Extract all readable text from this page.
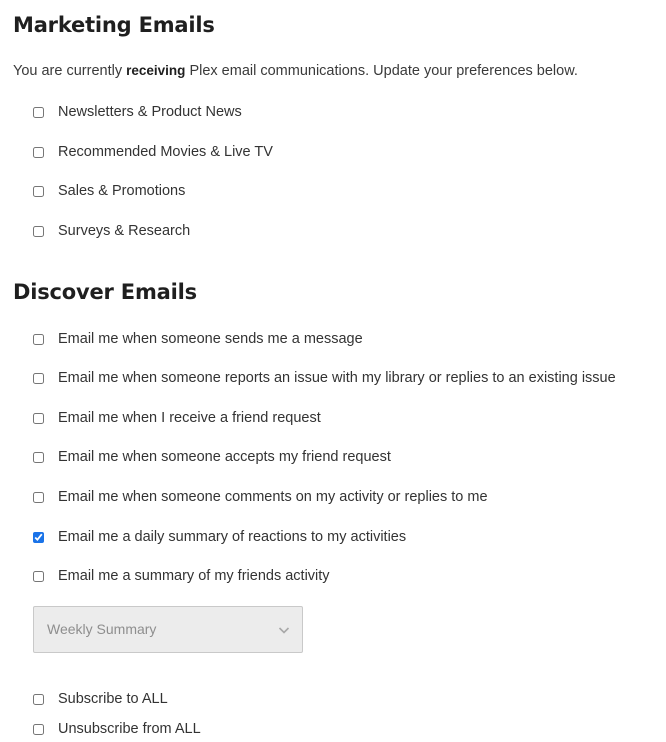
Marketing Emails
You are currently receiving Plex email communications. Update your preferences below.
Newsletters & Product News
Recommended Movies & Live TV
Sales & Promotions
Surveys & Research
Discover Emails
Email me when someone sends me a message
Email me when someone reports an issue with my library or replies to an existing issue
Email me when I receive a friend request
Email me when someone accepts my friend request
Email me when someone comments on my activity or replies to me
Email me a daily summary of reactions to my activities
Email me a summary of my friends activity
Weekly Summary
Subscribe to ALL
Unsubscribe from ALL
